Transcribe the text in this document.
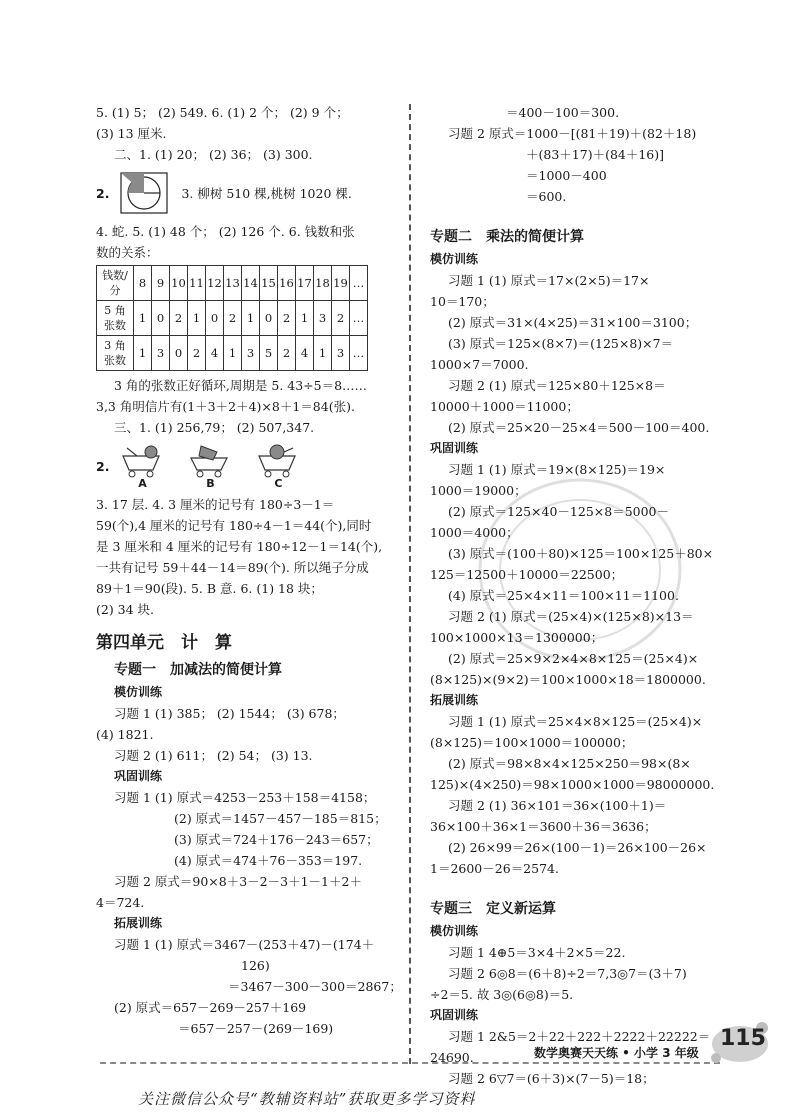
5. (1) 5； (2) 549. 6. (1) 2 个； (2) 9 个；
(3) 13 厘米.
二、1. (1) 20； (2) 36； (3) 300.
2.	3. 柳树 510 棵,桃树 1020 棵.
4. 蛇. 5. (1) 48 个； (2) 126 个. 6. 钱数和张
数的关系：
钱数/
分	8	9	10	11	12	13	14	15	16	17	18	19	…
5 角
张数	1	0	2	1	0	2	1	0	2	1	3	2	…
3 角
张数	1	3	0	2	4	1	3	5	2	4	1	3	…
3 角的张数正好循环,周期是 5. 43÷5＝8……
3,3 角明信片有(1＋3＋2＋4)×8＋1＝84(张).
三、1. (1) 256,79； (2) 507,347.
2.
A	B	C
3. 17 层. 4. 3 厘米的记号有 180÷3－1＝
59(个),4 厘米的记号有 180÷4－1＝44(个),同时
是 3 厘米和 4 厘米的记号有 180÷12－1＝14(个),
一共有记号 59＋44－14＝89(个). 所以绳子分成
89＋1＝90(段). 5. B 意. 6. (1) 18 块；
(2) 34 块.
第四单元　计　算
专题一　加减法的简便计算
模仿训练
习题 1 (1) 385； (2) 1544； (3) 678；
(4) 1821.
习题 2 (1) 611； (2) 54； (3) 13.
巩固训练
习题 1 (1) 原式＝4253－253＋158＝4158；
(2) 原式＝1457－457－185＝815；
(3) 原式＝724＋176－243＝657；
(4) 原式＝474＋76－353＝197.
习题 2 原式＝90×8＋3－2－3＋1－1＋2＋
4＝724.
拓展训练
习题 1 (1) 原式＝3467－(253＋47)－(174＋
126)
＝3467－300－300＝2867；
(2) 原式＝657－269－257＋169
＝657－257－(269－169)
＝400－100＝300.
习题 2 原式＝1000－[(81＋19)＋(82＋18)
＋(83＋17)＋(84＋16)]
＝1000－400
＝600.
专题二　乘法的简便计算
模仿训练
习题 1 (1) 原式＝17×(2×5)＝17×
10＝170；
(2) 原式＝31×(4×25)＝31×100＝3100；
(3) 原式＝125×(8×7)＝(125×8)×7＝
1000×7＝7000.
习题 2 (1) 原式＝125×80＋125×8＝
10000＋1000＝11000；
(2) 原式＝25×20－25×4＝500－100＝400.
巩固训练
习题 1 (1) 原式＝19×(8×125)＝19×
1000＝19000；
(2) 原式＝125×40－125×8＝5000－
1000＝4000；
(3) 原式＝(100＋80)×125＝100×125＋80×
125＝12500＋10000＝22500；
(4) 原式＝25×4×11＝100×11＝1100.
习题 2 (1) 原式＝(25×4)×(125×8)×13＝
100×1000×13＝1300000；
(2) 原式＝25×9×2×4×8×125＝(25×4)×
(8×125)×(9×2)＝100×1000×18＝1800000.
拓展训练
习题 1 (1) 原式＝25×4×8×125＝(25×4)×
(8×125)＝100×1000＝100000；
(2) 原式＝98×8×4×125×250＝98×(8×
125)×(4×250)＝98×1000×1000＝98000000.
习题 2 (1) 36×101＝36×(100＋1)＝
36×100＋36×1＝3600＋36＝3636；
(2) 26×99＝26×(100－1)＝26×100－26×
1＝2600－26＝2574.
专题三　定义新运算
模仿训练
习题 1 4⊕5＝3×4＋2×5＝22.
习题 2 6◎8＝(6＋8)÷2＝7,3◎7＝(3＋7)
÷2＝5. 故 3◎(6◎8)＝5.
巩固训练
习题 1 2&5＝2＋22＋222＋2222＋22222＝
24690.
习题 2 6▽7＝(6＋3)×(7－5)＝18；
数学奥赛天天练 • 小学 3 年级
115
关注微信公众号“教辅资料站”获取更多学习资料
